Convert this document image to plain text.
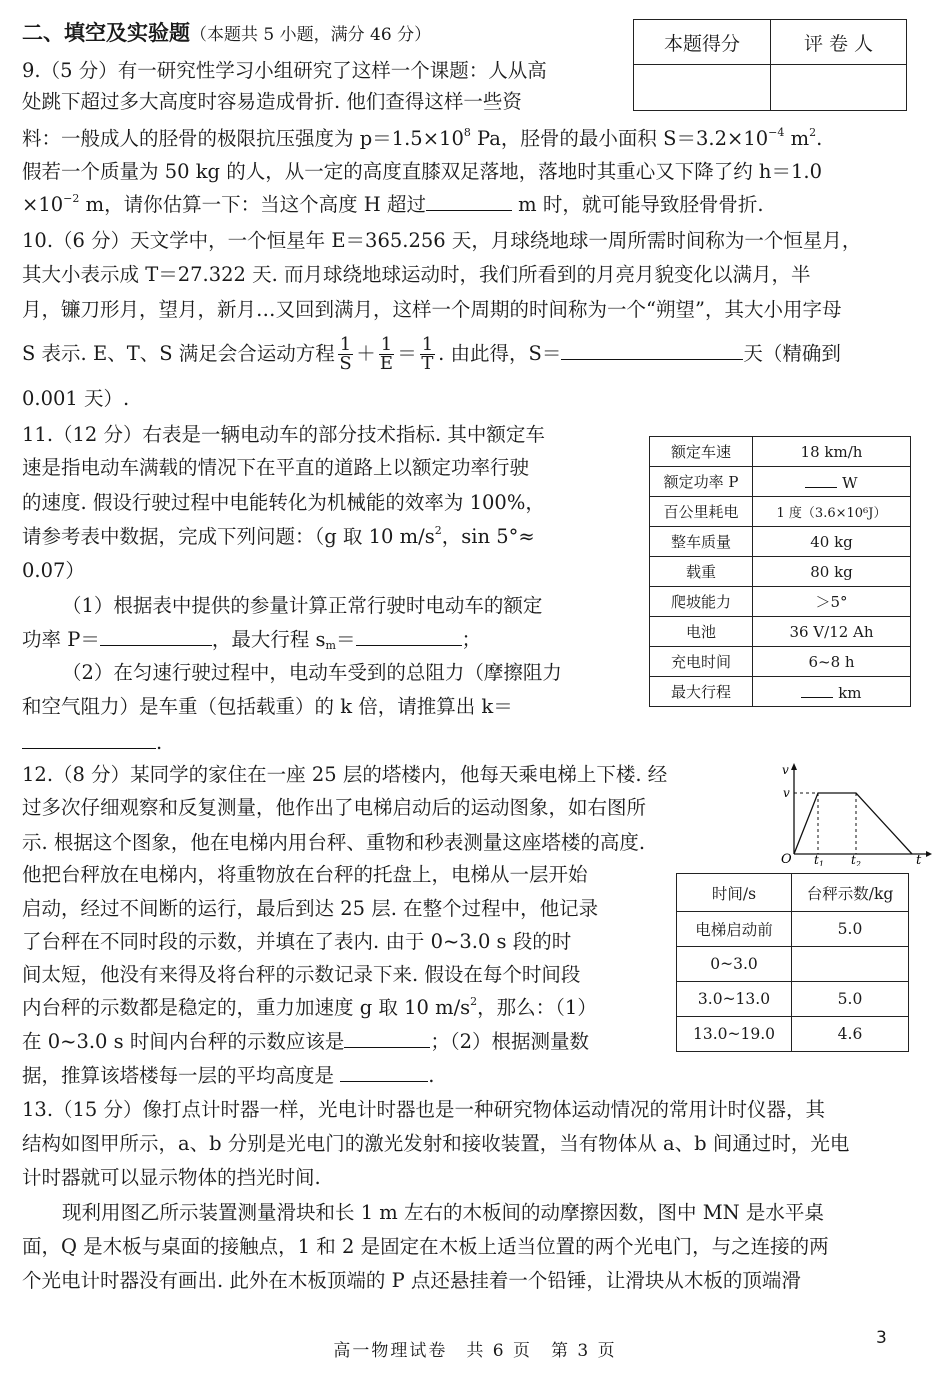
二、填空及实验题（本题共 5 小题，满分 46 分）	本题得分	评 卷 人

9.（5 分）有一研究性学习小组研究了这样一个课题：人从高
处跳下超过多大高度时容易造成骨折. 他们查得这样一些资
料：一般成人的胫骨的极限抗压强度为 $p=1.5\times 10^8$ Pa，胫骨的最小面积 $S=3.2\times 10^{-4}$ $m^2$.
假若一个质量为 50 kg 的人，从一定的高度直膝双足落地，落地时其重心又下降了约 h＝1.0
$\times 10^{-2}$ m，请你估算一下：当这个高度 H 超过	m 时，就可能导致胫骨骨折.
10.（6 分）天文学中，一个恒星年 E＝365.256 天，月球绕地球一周所需时间称为一个恒星月，
其大小表示成 T＝27.322 天. 而月球绕地球运动时，我们所看到的月亮月貌变化以满月，半
月，镰刀形月，望月，新月…又回到满月，这样一个周期的时间称为一个“朔望”，其大小用字母
S 表示. E、T、S 满足会合运动方程 $\frac{1}{S} + \frac{1}{E} = \frac{1}{T}$ . 由此得，S＝	天（精确到
0.001 天）.
11.（12 分）右表是一辆电动车的部分技术指标. 其中额定车
速是指电动车满载的情况下在平直的道路上以额定功率行驶
的速度. 假设行驶过程中电能转化为机械能的效率为 100%，
请参考表中数据，完成下列问题：（g 取 10 $m/s^2$，sin 5°≈
0.07）
（1）根据表中提供的参量计算正常行驶时电动车的额定
功率 P＝	，最大行程 $s_m=$	；
（2）在匀速行驶过程中，电动车受到的总阻力（摩擦阻力
和空气阻力）是车重（包括载重）的 k 倍，请推算出 k＝
.
额定车速	18 km/h
额定功率 P	W
百公里耗电	1 度（3.6×10⁶J）
整车质量	40 kg
载重	80 kg
爬坡能力	＞5°
电池	36 V/12 Ah
充电时间	6~8 h
最大行程	km
12.（8 分）某同学的家住在一座 25 层的塔楼内，他每天乘电梯上下楼. 经
过多次仔细观察和反复测量，他作出了电梯启动后的运动图象，如右图所
示. 根据这个图象，他在电梯内用台秤、重物和秒表测量这座塔楼的高度.
他把台秤放在电梯内，将重物放在台秤的托盘上，电梯从一层开始
启动，经过不间断的运行，最后到达 25 层. 在整个过程中，他记录
了台秤在不同时段的示数，并填在了表内. 由于 0~3.0 s 段的时
间太短，他没有来得及将台秤的示数记录下来. 假设在每个时间段
内台秤的示数都是稳定的，重力加速度 g 取 10 $m/s^2$，那么：（1）
在 0~3.0 s 时间内台秤的示数应该是	；（2）根据测量数
据，推算该塔楼每一层的平均高度是	.
v
v
O $t_1$ $t_2$	t
时间/s	台秤示数/kg
电梯启动前	5.0
0~3.0	
3.0~13.0	5.0
13.0~19.0	4.6
13.（15 分）像打点计时器一样，光电计时器也是一种研究物体运动情况的常用计时仪器，其
结构如图甲所示，a、b 分别是光电门的激光发射和接收装置，当有物体从 a、b 间通过时，光电
计时器就可以显示物体的挡光时间.
现利用图乙所示装置测量滑块和长 1 m 左右的木板间的动摩擦因数，图中 MN 是水平桌
面，Q 是木板与桌面的接触点，1 和 2 是固定在木板上适当位置的两个光电门，与之连接的两
个光电计时器没有画出. 此外在木板顶端的 P 点还悬挂着一个铅锤，让滑块从木板的顶端滑
高一物理试卷　共 6 页　第 3 页
3
